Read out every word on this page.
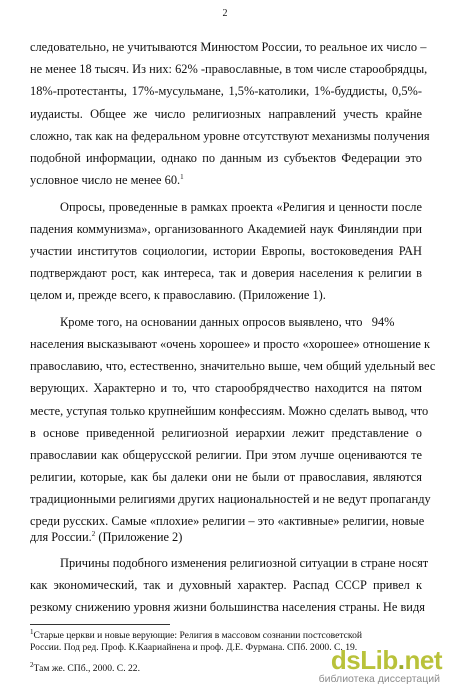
2
следовательно, не учитываются Минюстом России, то реальное их число –
не менее 18 тысяч. Из них: 62% -православные, в том числе старообрядцы,
18%-протестанты, 17%-мусульмане, 1,5%-католики, 1%-буддисты, 0,5%-
иудаисты. Общее же число религиозных направлений учесть крайне
сложно, так как на федеральном уровне отсутствуют механизмы получения
подобной информации, однако по данным из субъектов Федерации это
условное число не менее 60.$^1$
Опросы, проведенные в рамках проекта «Религия и ценности после
падения коммунизма», организованного Академией наук Финляндии при
участии институтов социологии, истории Европы, востоковедения РАН
подтверждают рост, как интереса, так и доверия населения к религии в
целом и, прежде всего, к православию. (Приложение 1).
Кроме того, на основании данных опросов выявлено, что   94%
населения высказывают «очень хорошее» и просто «хорошее» отношение к
православию, что, естественно, значительно выше, чем общий удельный вес
верующих. Характерно и то, что старообрядчество находится на пятом
месте, уступая только крупнейшим конфессиям. Можно сделать вывод, что
в основе приведенной религиозной иерархии лежит представление о
православии как общерусской религии. При этом лучше оцениваются те
религии, которые, как бы далеки они не были от православия, являются
традиционными религиями других национальностей и не ведут пропаганду
среди русских. Самые «плохие» религии – это «активные» религии, новые
для России.$^2$ (Приложение 2)
Причины подобного изменения религиозной ситуации в стране носят
как экономический, так и духовный характер. Распад СССР привел к
резкому снижению уровня жизни большинства населения страны. Не видя
$^1$Старые церкви и новые верующие: Религия в массовом сознании постсоветской
России. Под ред. Проф. К.Каариайнена и проф. Д.Е. Фурмана. СПб. 2000. С. 19.
$^2$Там же. СПб., 2000. С. 22.	dsLib.net
библиотека диссертаций
